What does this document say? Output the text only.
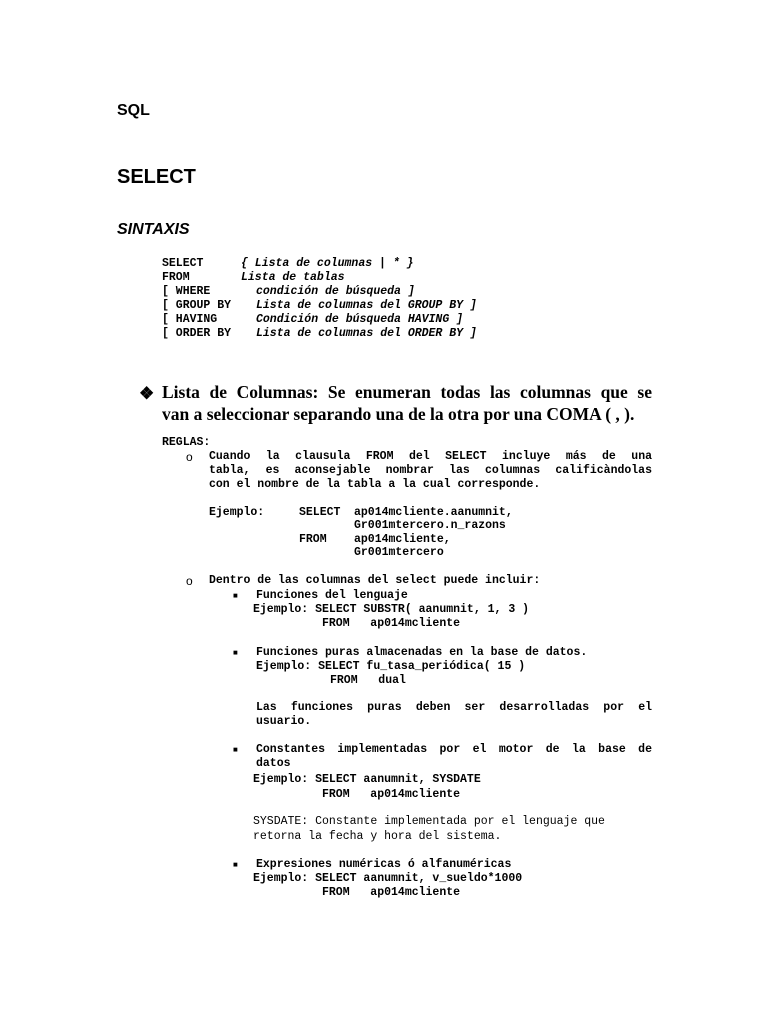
SQL
SELECT
SINTAXIS
SELECT	{ Lista de columnas | * }
FROM	Lista de tablas
[ WHERE	condición de búsqueda ]
[ GROUP BY Lista de columnas del GROUP BY ]
[ HAVING	Condición de búsqueda HAVING ]
[ ORDER BY Lista de columnas del ORDER BY ]
❖ Lista de Columnas: Se enumeran todas las columnas que se
van a seleccionar separando una de la otra por una COMA ( , ).
REGLAS:
o Cuando la clausula FROM del SELECT incluye más de una
tabla, es aconsejable nombrar las columnas calificàndolas
con el nombre de la tabla a la cual corresponde.
Ejemplo:	SELECT ap014mcliente.aanumnit,
Gr001mtercero.n_razons
FROM ap014mcliente,
Gr001mtercero
o Dentro de las columnas del select puede incluir:
■ Funciones del lenguaje
Ejemplo: SELECT SUBSTR( aanumnit, 1, 3 )
FROM   ap014mcliente
■ Funciones puras almacenadas en la base de datos.
Ejemplo: SELECT fu_tasa_periódica( 15 )
FROM   dual
Las funciones puras deben ser desarrolladas por el
usuario.
■ Constantes implementadas por el motor de la base de
datos
Ejemplo: SELECT aanumnit, SYSDATE
FROM   ap014mcliente
SYSDATE: Constante implementada por el lenguaje que
retorna la fecha y hora del sistema.
■ Expresiones numéricas ó alfanuméricas
Ejemplo: SELECT aanumnit, v_sueldo*1000
FROM   ap014mcliente
